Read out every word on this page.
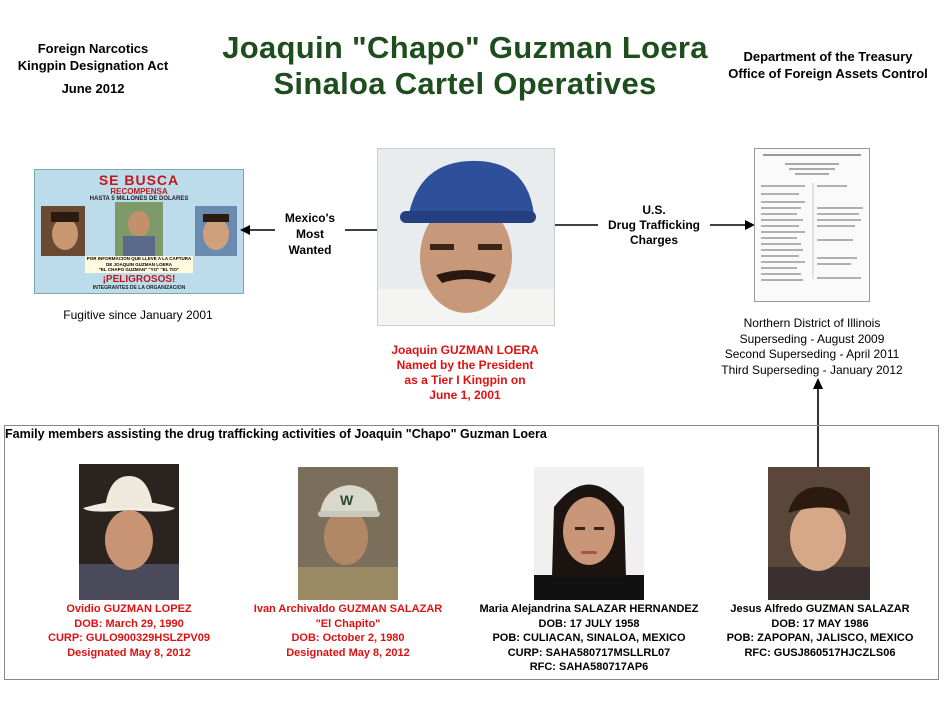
Foreign Narcotics
Kingpin Designation Act
June 2012
Joaquin "Chapo" Guzman Loera
Sinaloa Cartel Operatives
Department of the Treasury
Office of Foreign Assets Control
SE BUSCA
RECOMPENSA
HASTA 5 MILLONES DE DOLARES
POR INFORMACION QUE LLEVE A LA CAPTURA
DE JOAQUIN GUZMAN LOERA
"EL CHAPO GUZMAN" "YO" "EL TIO"
¡PELIGROSOS!
INTEGRANTES DE LA ORGANIZACION
Fugitive since January 2001
Mexico's
Most
Wanted
Joaquin GUZMAN LOERA
Named by the President
as a Tier I Kingpin on
June 1, 2001
U.S.
Drug Trafficking
Charges
Northern District of Illinois
Superseding - August 2009
Second Superseding - April 2011
Third Superseding - January 2012
Family members assisting the drug trafficking activities of Joaquin "Chapo" Guzman Loera
W
Ovidio GUZMAN LOPEZ
DOB: March 29, 1990
CURP: GULO900329HSLZPV09
Designated May 8, 2012
Ivan Archivaldo GUZMAN SALAZAR
"El Chapito"
DOB: October 2, 1980
Designated May 8, 2012
Maria Alejandrina SALAZAR HERNANDEZ
DOB: 17 JULY 1958
POB: CULIACAN, SINALOA, MEXICO
CURP: SAHA580717MSLLRL07
RFC: SAHA580717AP6
Jesus Alfredo GUZMAN SALAZAR
DOB: 17 MAY 1986
POB: ZAPOPAN, JALISCO, MEXICO
RFC: GUSJ860517HJCZLS06
